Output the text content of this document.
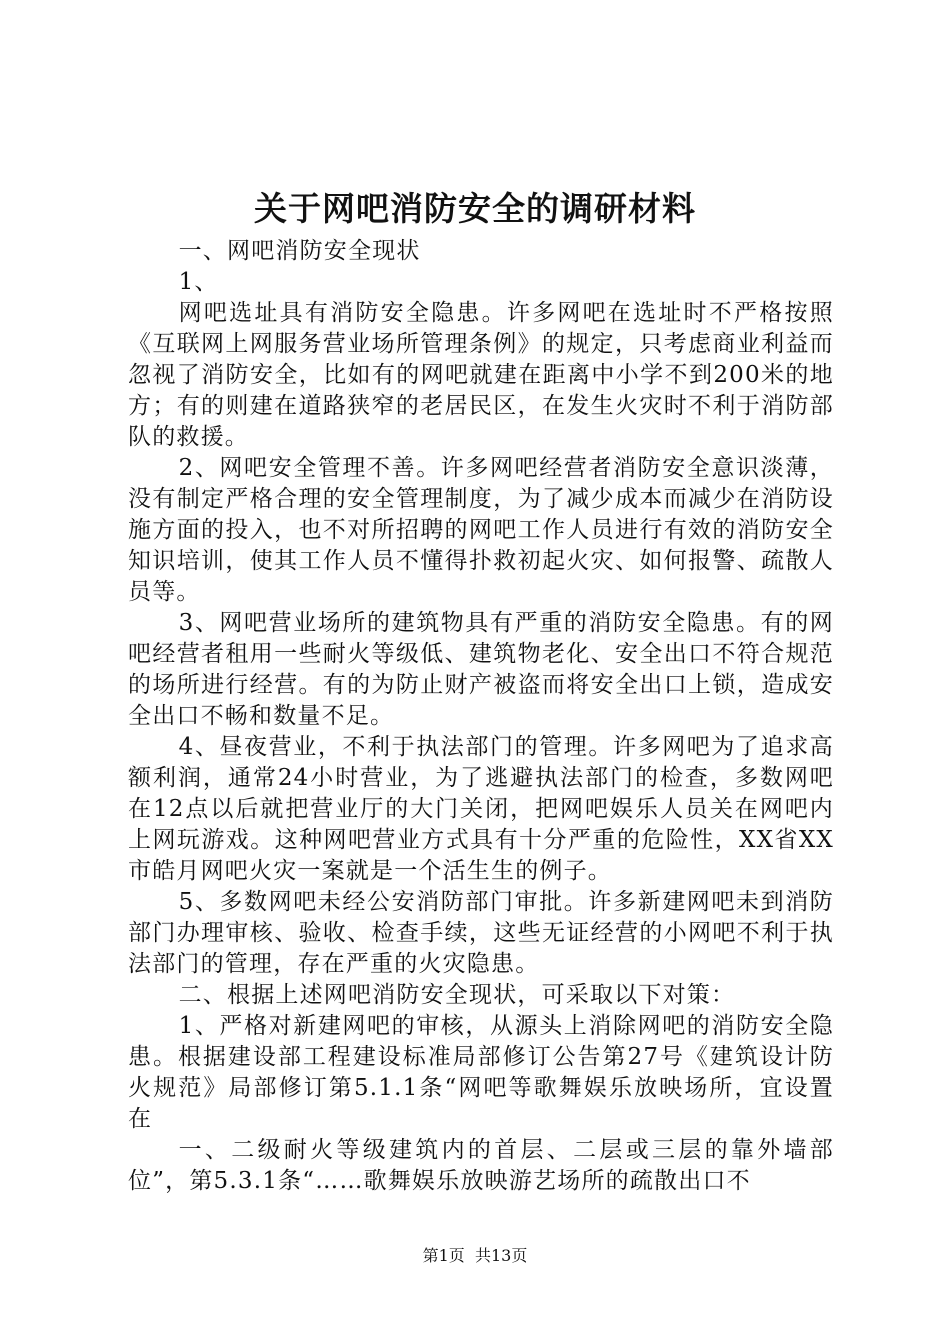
关于网吧消防安全的调研材料

一、网吧消防安全现状

1、

网吧选址具有消防安全隐患。许多网吧在选址时不严格按照《互联网上网服务营业场所管理条例》的规定，只考虑商业利益而忽视了消防安全，比如有的网吧就建在距离中小学不到200米的地方；有的则建在道路狭窄的老居民区，在发生火灾时不利于消防部队的救援。

2、网吧安全管理不善。许多网吧经营者消防安全意识淡薄，没有制定严格合理的安全管理制度，为了减少成本而减少在消防设施方面的投入，也不对所招聘的网吧工作人员进行有效的消防安全知识培训，使其工作人员不懂得扑救初起火灾、如何报警、疏散人员等。

3、网吧营业场所的建筑物具有严重的消防安全隐患。有的网吧经营者租用一些耐火等级低、建筑物老化、安全出口不符合规范的场所进行经营。有的为防止财产被盗而将安全出口上锁，造成安全出口不畅和数量不足。

4、昼夜营业，不利于执法部门的管理。许多网吧为了追求高额利润，通常24小时营业，为了逃避执法部门的检查，多数网吧在12点以后就把营业厅的大门关闭，把网吧娱乐人员关在网吧内上网玩游戏。这种网吧营业方式具有十分严重的危险性，XX省XX市皓月网吧火灾一案就是一个活生生的例子。

5、多数网吧未经公安消防部门审批。许多新建网吧未到消防部门办理审核、验收、检查手续，这些无证经营的小网吧不利于执法部门的管理，存在严重的火灾隐患。

二、根据上述网吧消防安全现状，可采取以下对策：

1、严格对新建网吧的审核，从源头上消除网吧的消防安全隐患。根据建设部工程建设标准局部修订公告第27号《建筑设计防火规范》局部修订第5.1.1条“网吧等歌舞娱乐放映场所，宜设置在

一、二级耐火等级建筑内的首层、二层或三层的靠外墙部位”，第5.3.1条“……歌舞娱乐放映游艺场所的疏散出口不

第1页 共13页
